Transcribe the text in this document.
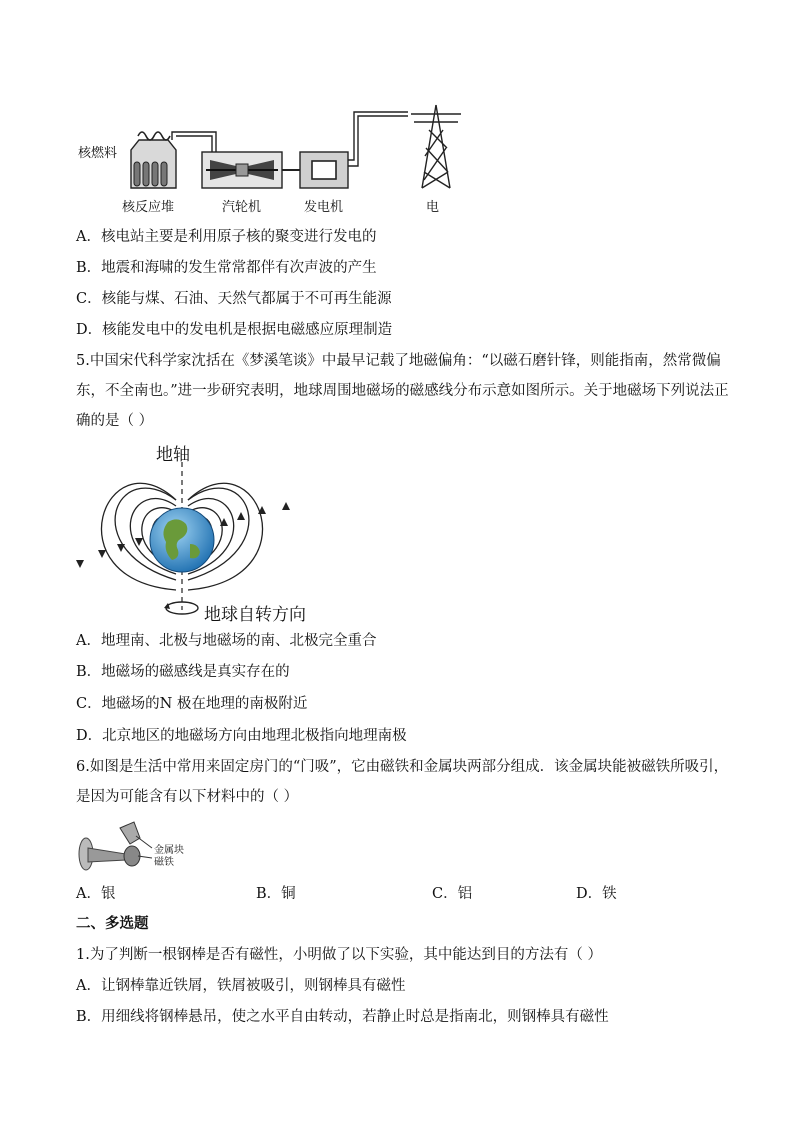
核燃料
核反应堆	汽轮机	发电机	电
A．核电站主要是利用原子核的聚变进行发电的
B．地震和海啸的发生常常都伴有次声波的产生
C．核能与煤、石油、天然气都属于不可再生能源
D．核能发电中的发电机是根据电磁感应原理制造
5.中国宋代科学家沈括在《梦溪笔谈》中最早记载了地磁偏角：“以磁石磨针锋，则能指南，然常微偏东，不全南也。”进一步研究表明，地球周围地磁场的磁感线分布示意如图所示。关于地磁场下列说法正确的是（ ）
地轴
地球自转方向
A．地理南、北极与地磁场的南、北极完全重合
B．地磁场的磁感线是真实存在的
C．地磁场的N 极在地理的南极附近
D．北京地区的地磁场方向由地理北极指向地理南极
6.如图是生活中常用来固定房门的“门吸”，它由磁铁和金属块两部分组成．该金属块能被磁铁所吸引，是因为可能含有以下材料中的（ ）
金属块
磁铁
A．银	B．铜	C．铝	D．铁
二、多选题
1.为了判断一根钢棒是否有磁性，小明做了以下实验，其中能达到目的方法有（ ）
A．让钢棒靠近铁屑，铁屑被吸引，则钢棒具有磁性
B．用细线将钢棒悬吊，使之水平自由转动，若静止时总是指南北，则钢棒具有磁性
